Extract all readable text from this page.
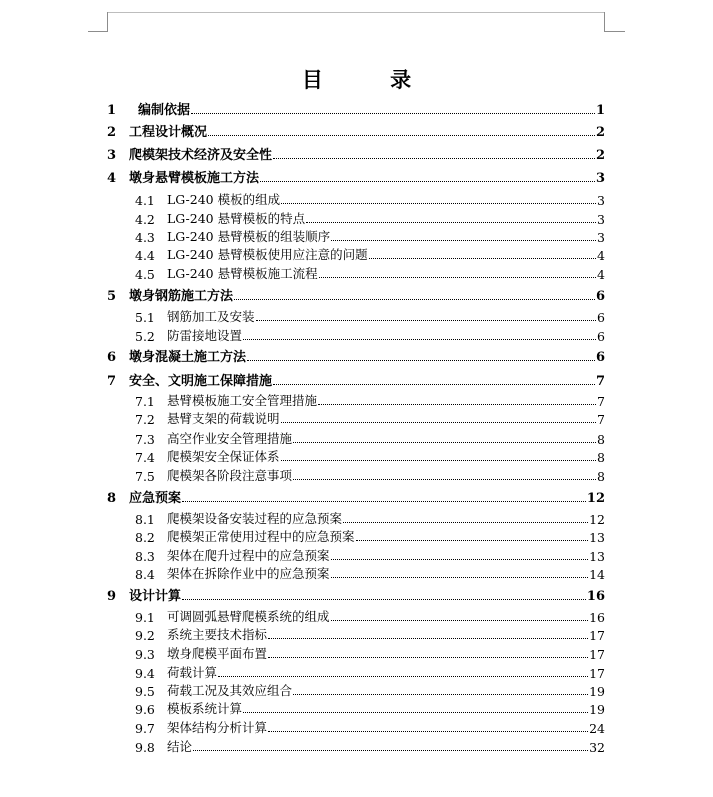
目 录
1 编制依据	1
2 工程设计概况	2
3 爬模架技术经济及安全性	2
4 墩身悬臂模板施工方法	3
4.1 LG-240 模板的组成	3
4.2 LG-240 悬臂模板的特点	3
4.3 LG-240 悬臂模板的组装顺序	3
4.4 LG-240 悬臂模板使用应注意的问题	4
4.5 LG-240 悬臂模板施工流程	4
5 墩身钢筋施工方法	6
5.1 钢筋加工及安装	6
5.2 防雷接地设置	6
6 墩身混凝土施工方法	6
7 安全、文明施工保障措施	7
7.1 悬臂模板施工安全管理措施	7
7.2 悬臂支架的荷载说明	7
7.3 高空作业安全管理措施	8
7.4 爬模架安全保证体系	8
7.5 爬模架各阶段注意事项	8
8 应急预案	12
8.1 爬模架设备安装过程的应急预案	12
8.2 爬模架正常使用过程中的应急预案	13
8.3 架体在爬升过程中的应急预案	13
8.4 架体在拆除作业中的应急预案	14
9 设计计算	16
9.1 可调圆弧悬臂爬模系统的组成	16
9.2 系统主要技术指标	17
9.3 墩身爬模平面布置	17
9.4 荷载计算	17
9.5 荷载工况及其效应组合	19
9.6 模板系统计算	19
9.7 架体结构分析计算	24
9.8 结论	32
